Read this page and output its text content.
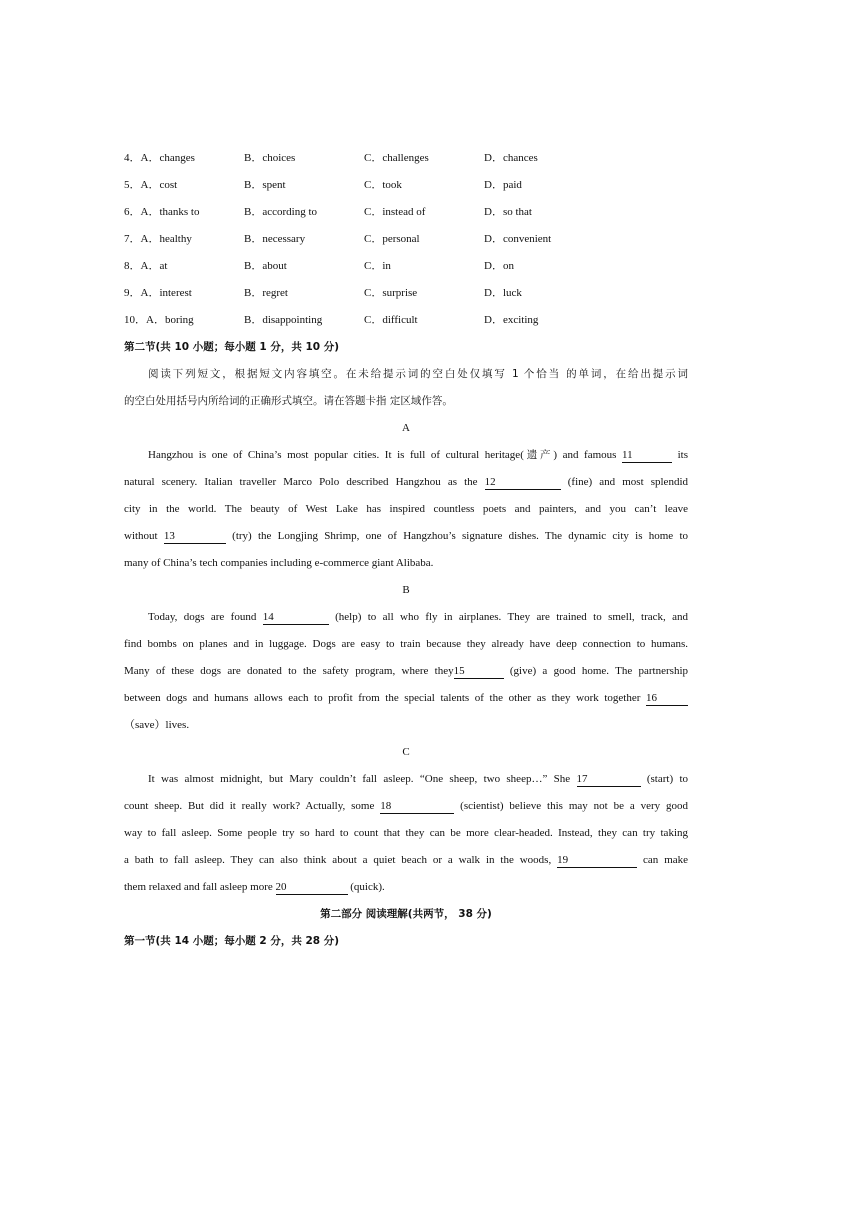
4．A．changes	B．choices	C．challenges	D．chances
5．A．cost	B．spent	C．took	D．paid
6．A．thanks to	B．according to	C．instead of	D．so that
7．A．healthy	B．necessary	C．personal	D．convenient
8．A．at	B．about	C．in	D．on
9．A．interest	B．regret	C．surprise	D．luck
10．A．boring	B．disappointing	C．difficult	D．exciting
第二节(共 10 小题；每小题 1 分，共 10 分)
阅读下列短文，根据短文内容填空。在未给提示词的空白处仅填写 1 个恰当 的单词，在给出提示词
的空白处用括号内所给词的正确形式填空。请在答题卡指 定区域作答。
A
Hangzhou is one of China’s most popular cities. It is full of cultural heritage(遗产) and famous 11	its
natural scenery. Italian traveller Marco Polo described Hangzhou as the 12	(fine) and most splendid
city in the world. The beauty of West Lake has inspired countless poets and painters, and you can’t leave
without 13	(try) the Longjing Shrimp, one of Hangzhou’s signature dishes. The dynamic city is home to
many of China’s tech companies including e-commerce giant Alibaba.
B
Today, dogs are found 14	(help) to all who fly in airplanes. They are trained to smell, track, and
find bombs on planes and in luggage. Dogs are easy to train because they already have deep connection to humans.
Many of these dogs are donated to the safety program, where they15	(give) a good home. The partnership
between dogs and humans allows each to profit from the special talents of the other as they work together 16
（save）lives.
C
It was almost midnight, but Mary couldn’t fall asleep. “One sheep, two sheep…” She 17	(start) to
count sheep. But did it really work? Actually, some 18	(scientist) believe this may not be a very good
way to fall asleep. Some people try so hard to count that they can be more clear-headed. Instead, they can try taking
a bath to fall asleep. They can also think about a quiet beach or a walk in the woods, 19	can make
them relaxed and fall asleep more 20	(quick).
第二部分 阅读理解(共两节， 38 分)
第一节(共 14 小题；每小题 2 分，共 28 分)
